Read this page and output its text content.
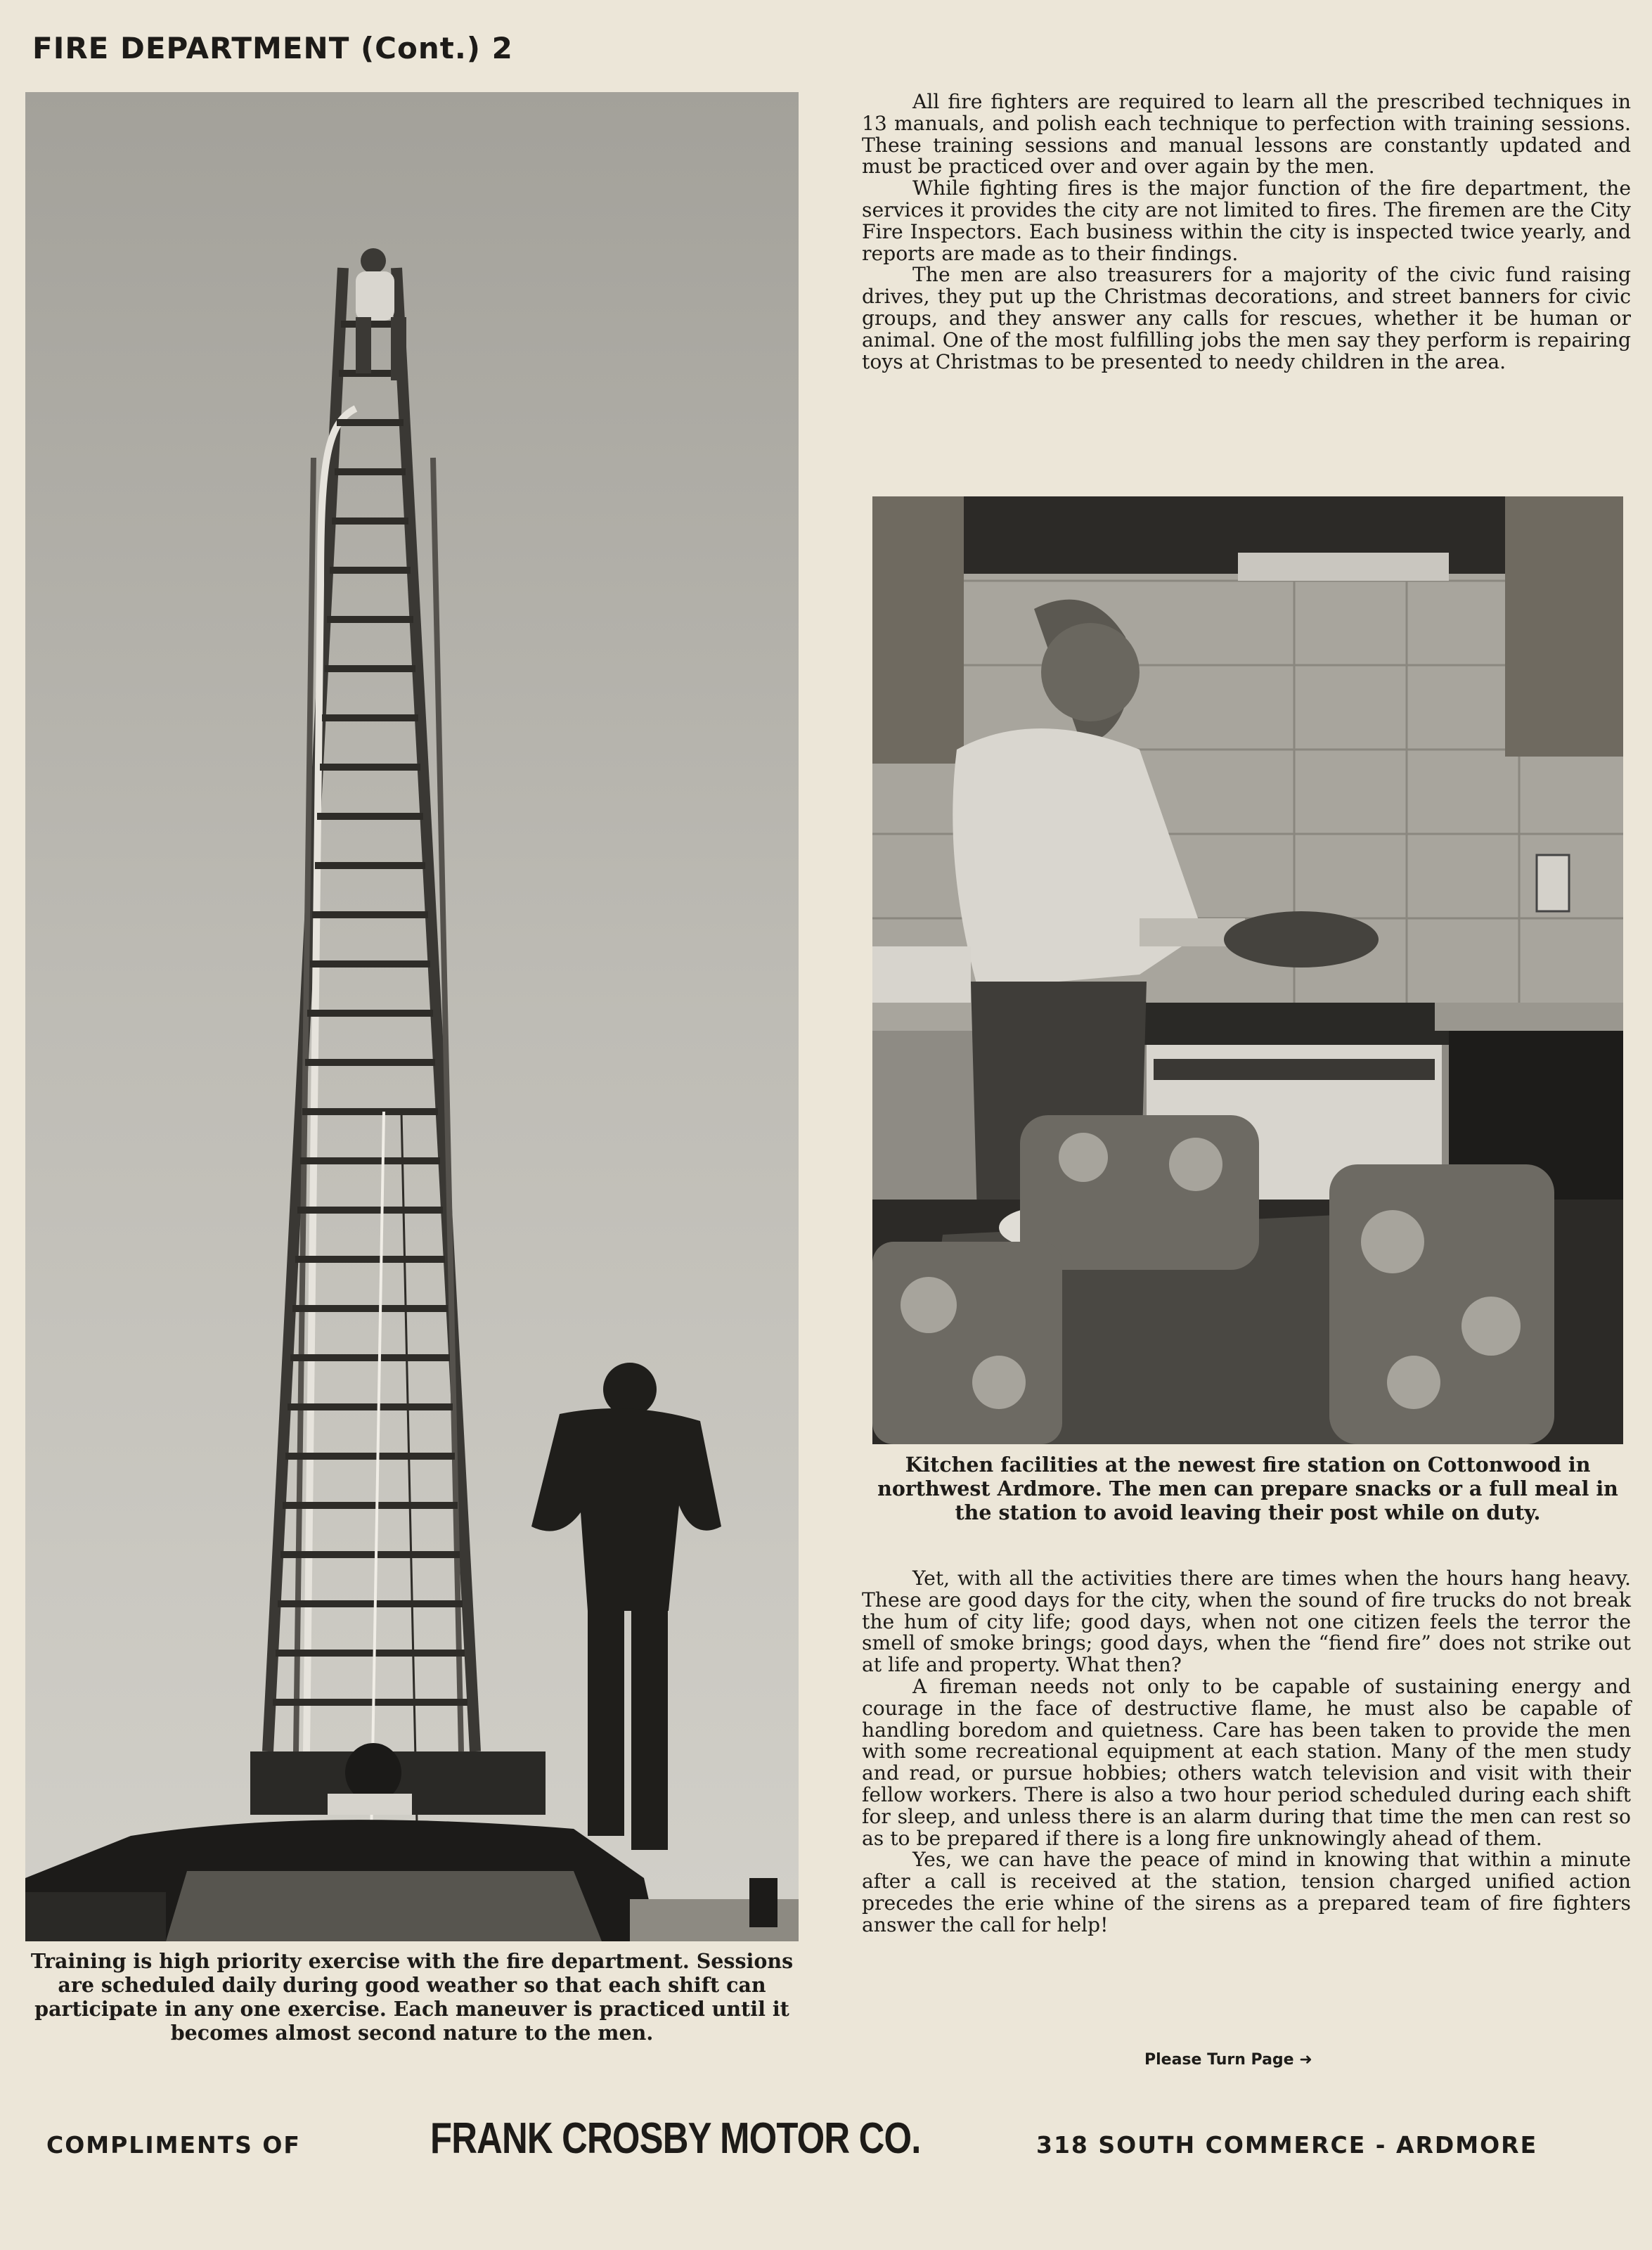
FIRE DEPARTMENT (Cont.) 2

All fire fighters are required to learn all the prescribed techniques in 13 manuals, and polish each technique to perfection with training sessions. These training sessions and manual lessons are constantly updated and must be practiced over and over again by the men.

While fighting fires is the major function of the fire department, the services it provides the city are not limited to fires. The firemen are the City Fire Inspectors. Each business within the city is inspected twice yearly, and reports are made as to their findings.

The men are also treasurers for a majority of the civic fund raising drives, they put up the Christmas decorations, and street banners for civic groups, and they answer any calls for rescues, whether it be human or animal. One of the most fulfilling jobs the men say they perform is repairing toys at Christmas to be presented to needy children in the area.

Kitchen facilities at the newest fire station on Cottonwood in northwest Ardmore. The men can prepare snacks or a full meal in the station to avoid leaving their post while on duty.

Yet, with all the activities there are times when the hours hang heavy. These are good days for the city, when the sound of fire trucks do not break the hum of city life; good days, when not one citizen feels the terror the smell of smoke brings; good days, when the “fiend fire” does not strike out at life and property. What then?

A fireman needs not only to be capable of sustaining energy and courage in the face of destructive flame, he must also be capable of handling boredom and quietness. Care has been taken to provide the men with some recreational equipment at each station. Many of the men study and read, or pursue hobbies; others watch television and visit with their fellow workers. There is also a two hour period scheduled during each shift for sleep, and unless there is an alarm during that time the men can rest so as to be prepared if there is a long fire unknowingly ahead of them.

Yes, we can have the peace of mind in knowing that within a minute after a call is received at the station, tension charged unified action precedes the erie whine of the sirens as a prepared team of fire fighters answer the call for help!

Please Turn Page ➜

Training is high priority exercise with the fire department. Sessions are scheduled daily during good weather so that each shift can participate in any one exercise. Each maneuver is practiced until it becomes almost second nature to the men.

COMPLIMENTS OF	FRANK CROSBY MOTOR CO.	318 SOUTH COMMERCE - ARDMORE
